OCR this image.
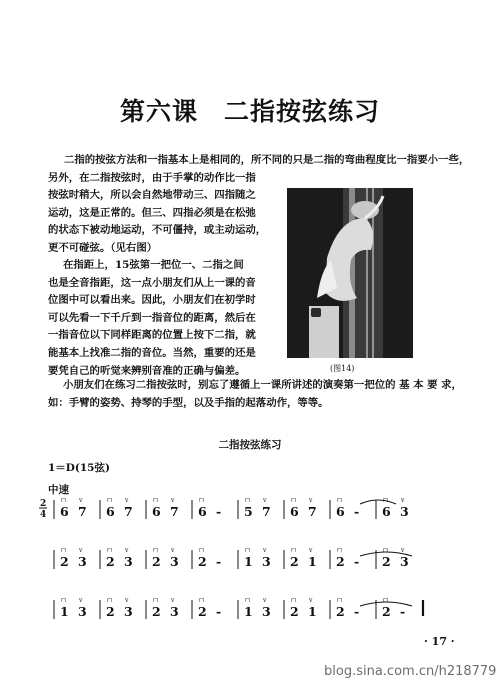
第六课　二指按弦练习

二指的按弦方法和一指基本上是相同的，所不同的只是二指的弯曲程度比一指要小一些，

另外，在二指按弦时，由于手掌的动作比一指

按弦时稍大，所以会自然地带动三、四指随之

运动，这是正常的。但三、四指必须是在松弛

的状态下被动地运动，不可僵持，或主动运动，

更不可碰弦。（见右图）

在指距上，15弦第一把位一、二指之间

也是全音指距，这一点小朋友们从上一课的音

位图中可以看出来。因此，小朋友们在初学时

可以先看一下千斤到一指音位的距离，然后在

一指音位以下同样距离的位置上按下二指，就

能基本上找准二指的音位。当然，重要的还是

要凭自己的听觉来辨别音准的正确与偏差。

小朋友们在练习二指按弦时，别忘了遵循上一课所讲述的演奏第一把位的 基 本 要 求，

如：手臂的姿势、持琴的手型，以及手指的起落动作，等等。

(图14)
二指按弦练习
1＝D(15弦)
中速
2
4 6
⊓
7
v
6
⊓
7
v
6
⊓
7
v
6
⊓
- 5
⊓
7
v
6
⊓
7
v
6
⊓
- 6
⊓
3
v
2
⊓
3
v
2
⊓
3
v
2
⊓
3
v
2
⊓
- 1
⊓
3
v
2
⊓
1
v
2
⊓
- 2
⊓
3
v
1
⊓
3
v
2
⊓
3
v
2
⊓
3
v
2
⊓
- 1
⊓
3
v
2
⊓
1
v
2
⊓
- 2
⊓
-
· 17 ·
blog.sina.com.cn/h218779
